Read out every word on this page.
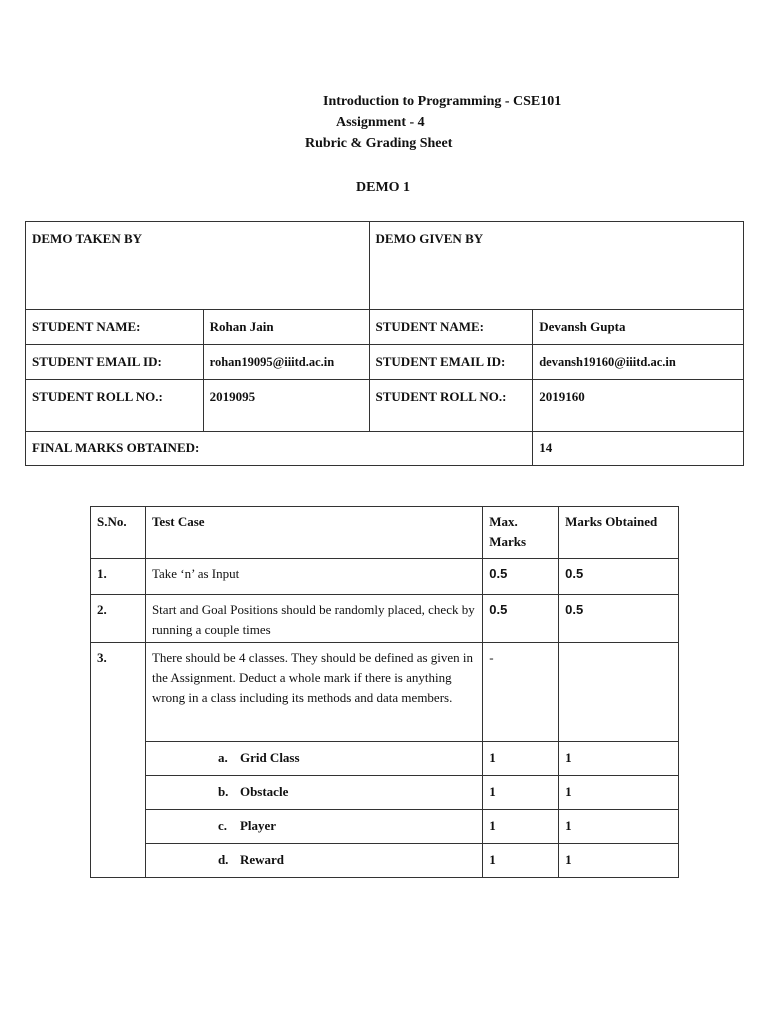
Introduction to Programming - CSE101
Assignment - 4
Rubric & Grading Sheet
DEMO 1
DEMO TAKEN BY		DEMO GIVEN BY	
STUDENT NAME:	Rohan Jain	STUDENT NAME:	Devansh Gupta
STUDENT EMAIL ID:	rohan19095@iiitd.ac.in	STUDENT EMAIL ID:	devansh19160@iiitd.ac.in
STUDENT ROLL NO.:	2019095	STUDENT ROLL NO.:	2019160
FINAL MARKS OBTAINED:			14
S.No.	Test Case	Max. Marks	Marks Obtained
1.	Take ‘n’ as Input	0.5	0.5
2.	Start and Goal Positions should be randomly placed, check by running a couple times	0.5	0.5
3.	There should be 4 classes. They should be defined as given in the Assignment. Deduct a whole mark if there is anything wrong in a class including its methods and data members.	-	
	a. Grid Class	1	1
	b. Obstacle	1	1
	c. Player	1	1
	d. Reward	1	1
